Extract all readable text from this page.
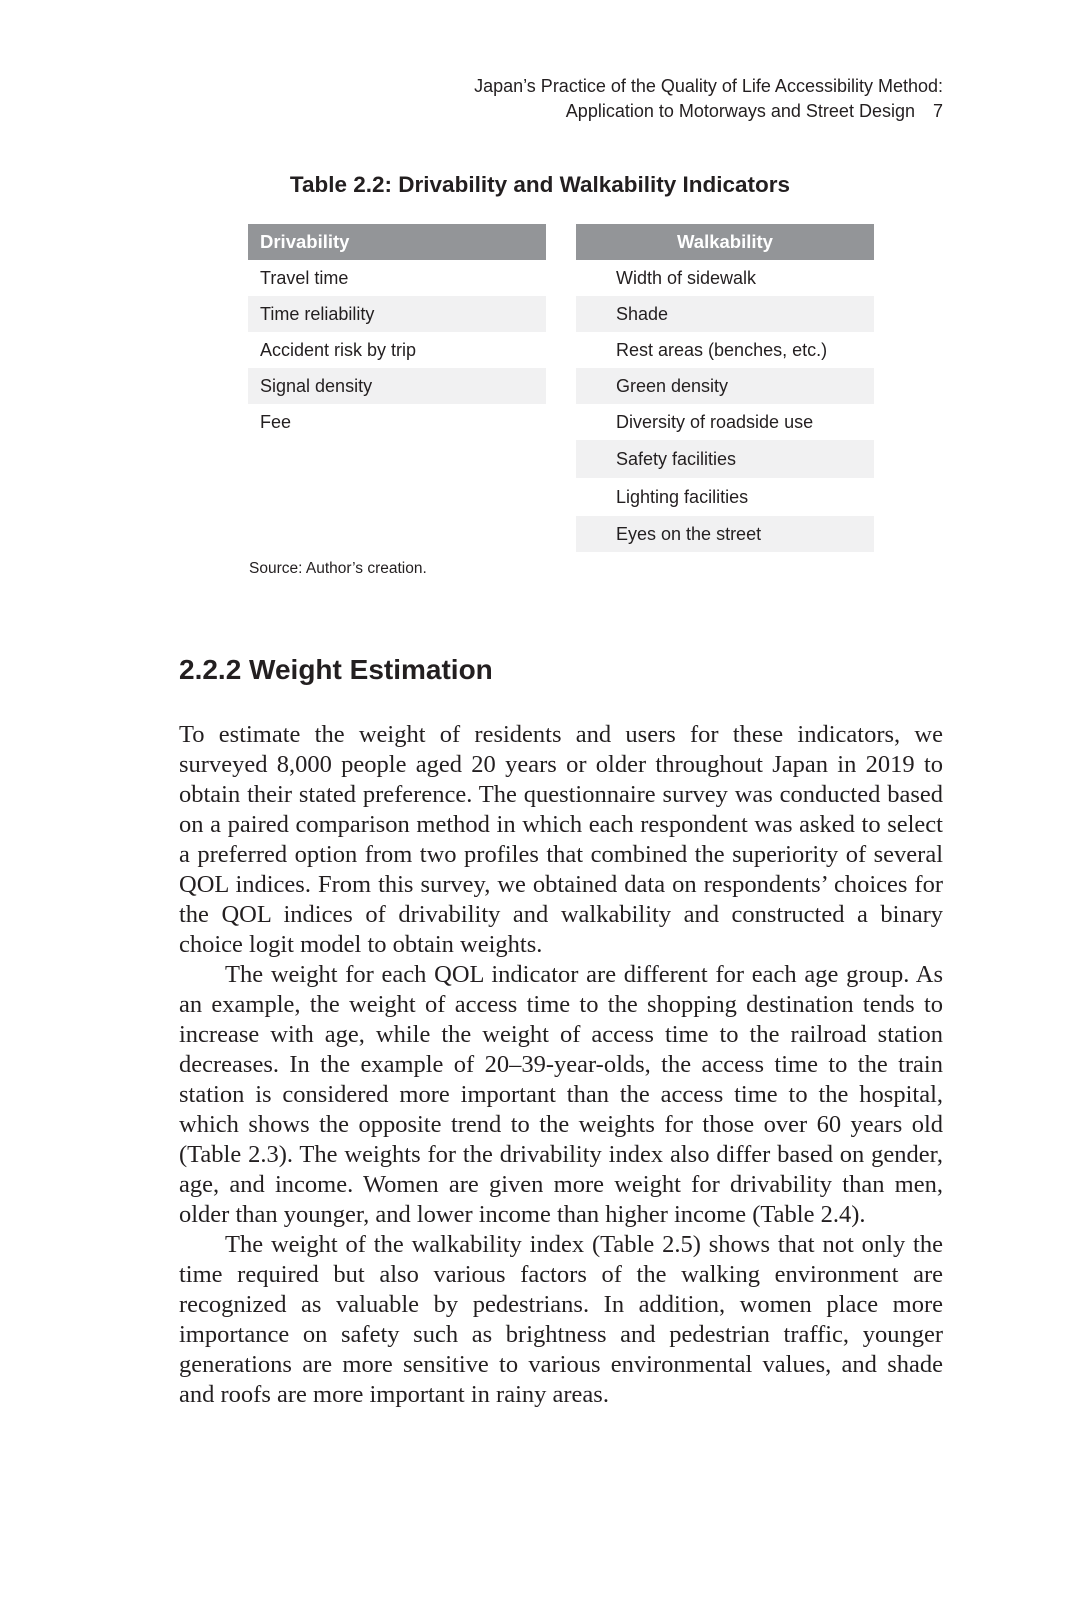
Japan’s Practice of the Quality of Life Accessibility Method:
Application to Motorways and Street Design 7
Table 2.2: Drivability and Walkability Indicators
Drivability
Travel time
Time reliability
Accident risk by trip
Signal density
Fee
Walkability
Width of sidewalk
Shade
Rest areas (benches, etc.)
Green density
Diversity of roadside use
Safety facilities
Lighting facilities
Eyes on the street
Source: Author’s creation.
2.2.2 Weight Estimation

To estimate the weight of residents and users for these indicators, we surveyed 8,000 people aged 20 years or older throughout Japan in 2019 to obtain their stated preference. The questionnaire survey was conducted based on a paired comparison method in which each respondent was asked to select a preferred option from two profiles that combined the superiority of several QOL indices. From this survey, we obtained data on respondents’ choices for the QOL indices of drivability and walkability and constructed a binary choice logit model to obtain weights.

The weight for each QOL indicator are different for each age group. As an example, the weight of access time to the shopping destination tends to increase with age, while the weight of access time to the railroad station decreases. In the example of 20–39-year-olds, the access time to the train station is considered more important than the access time to the hospital, which shows the opposite trend to the weights for those over 60 years old (Table 2.3). The weights for the drivability index also differ based on gender, age, and income. Women are given more weight for drivability than men, older than younger, and lower income than higher income (Table 2.4).

The weight of the walkability index (Table 2.5) shows that not only the time required but also various factors of the walking environment are recognized as valuable by pedestrians. In addition, women place more importance on safety such as brightness and pedestrian traffic, younger generations are more sensitive to various environmental values, and shade and roofs are more important in rainy areas.
